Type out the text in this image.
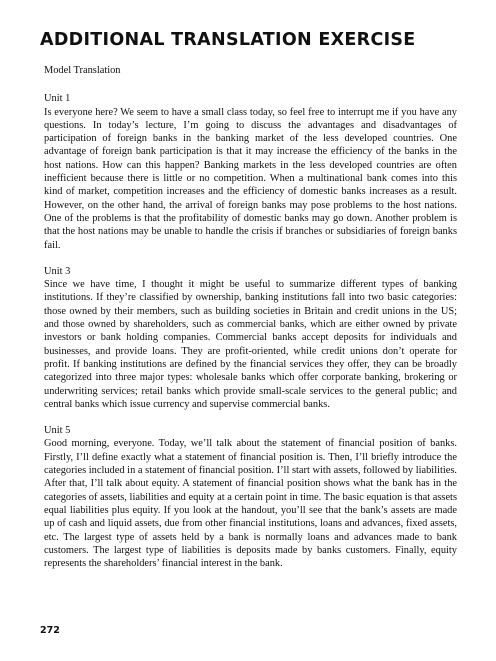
ADDITIONAL TRANSLATION EXERCISE

Model Translation

Unit 1

Is everyone here? We seem to have a small class today, so feel free to interrupt me if you have any questions. In today’s lecture, I’m going to discuss the advantages and disadvantages of participation of foreign banks in the banking market of the less developed countries. One advantage of foreign bank participation is that it may increase the efficiency of the banks in the host nations. How can this happen? Banking markets in the less developed countries are often inefficient because there is little or no competition. When a multinational bank comes into this kind of market, competition increases and the efficiency of domestic banks increases as a result. However, on the other hand, the arrival of foreign banks may pose problems to the host nations. One of the problems is that the profitability of domestic banks may go down. Another problem is that the host nations may be unable to handle the crisis if branches or subsidiaries of foreign banks fail.

Unit 3

Since we have time, I thought it might be useful to summarize different types of banking institutions. If they’re classified by ownership, banking institutions fall into two basic categories: those owned by their members, such as building societies in Britain and credit unions in the US; and those owned by shareholders, such as commercial banks, which are either owned by private investors or bank holding companies. Commercial banks accept deposits for individuals and businesses, and provide loans. They are profit-oriented, while credit unions don’t operate for profit. If banking institutions are defined by the financial services they offer, they can be broadly categorized into three major types: wholesale banks which offer corporate banking, brokering or underwriting services; retail banks which provide small-scale services to the general public; and central banks which issue currency and supervise commercial banks.

Unit 5

Good morning, everyone. Today, we’ll talk about the statement of financial position of banks. Firstly, I’ll define exactly what a statement of financial position is. Then, I’ll briefly introduce the categories included in a statement of financial position. I’ll start with assets, followed by liabilities. After that, I’ll talk about equity. A statement of financial position shows what the bank has in the categories of assets, liabilities and equity at a certain point in time. The basic equation is that assets equal liabilities plus equity. If you look at the handout, you’ll see that the bank’s assets are made up of cash and liquid assets, due from other financial institutions, loans and advances, fixed assets, etc. The largest type of assets held by a bank is normally loans and advances made to bank customers. The largest type of liabilities is deposits made by banks customers. Finally, equity represents the shareholders’ financial interest in the bank.

272
